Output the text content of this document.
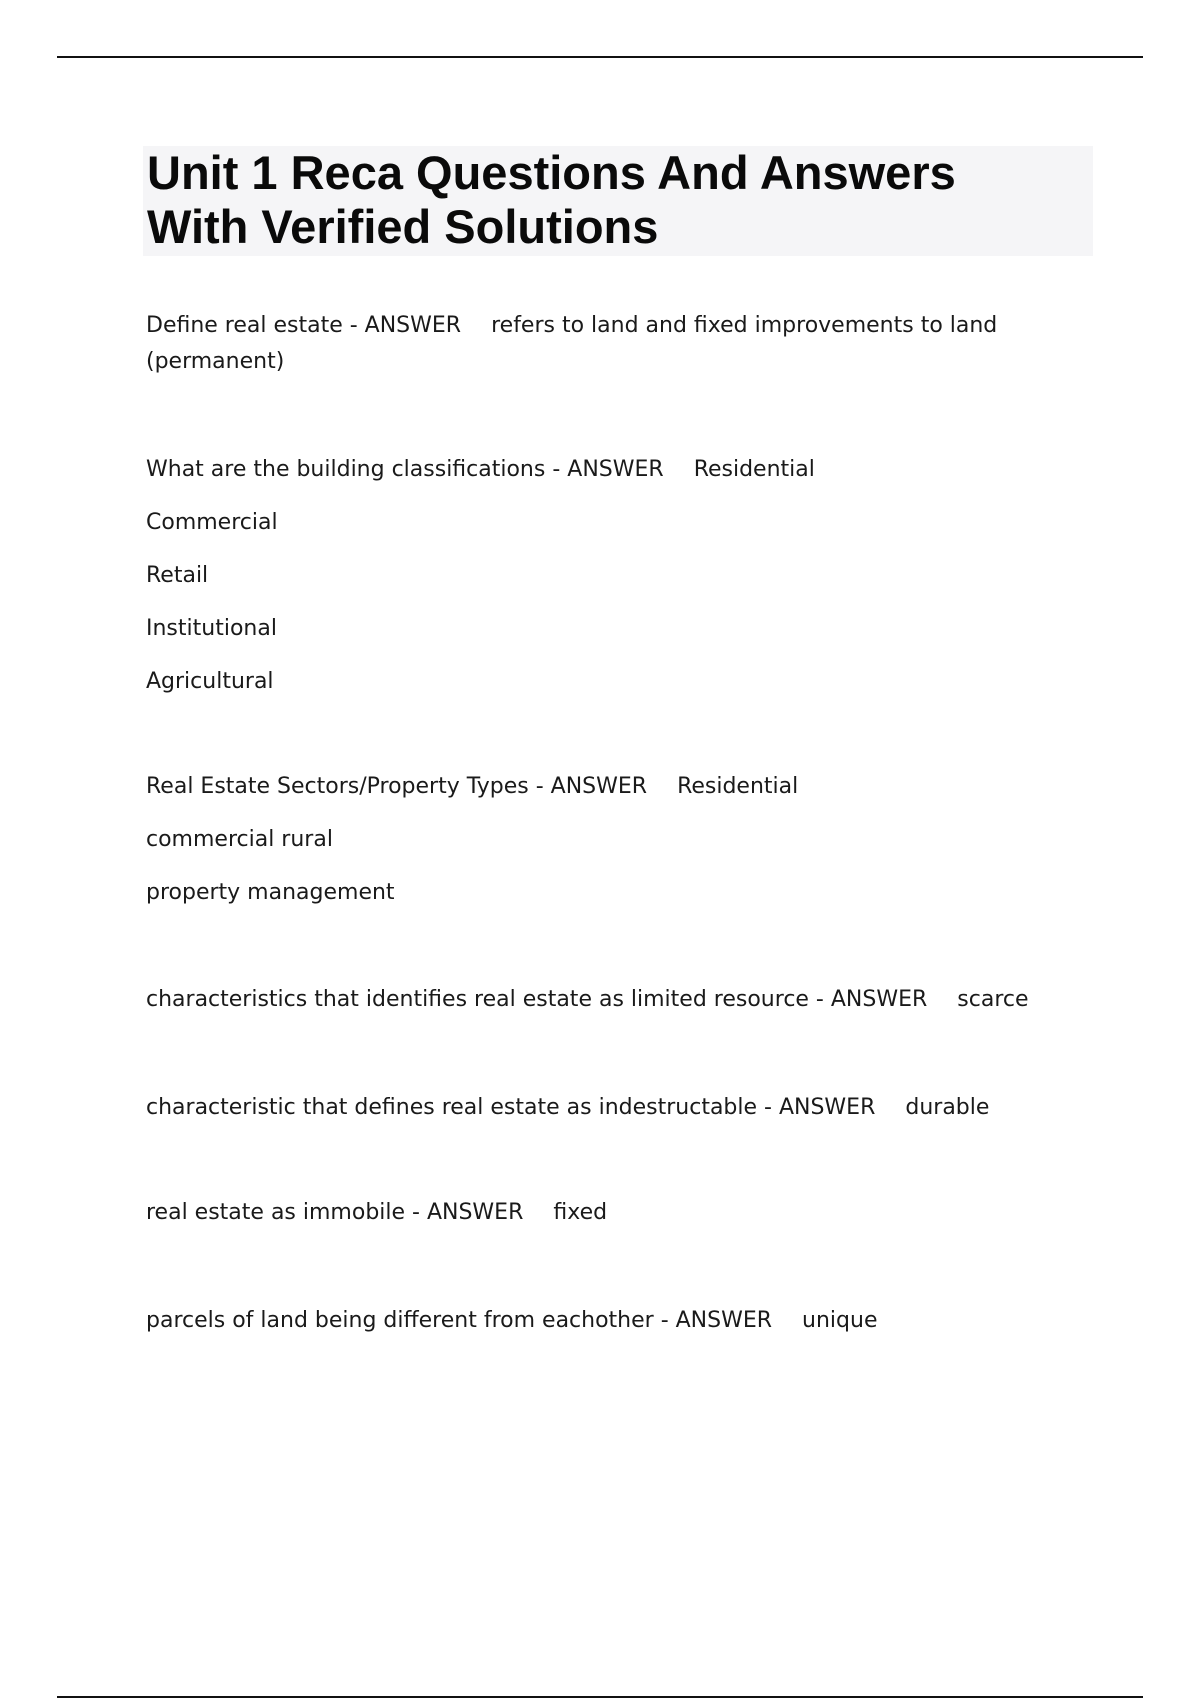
Unit 1 Reca Questions And Answers
With Verified Solutions
Define real estate - ANSWER refers to land and fixed improvements to land
(permanent)
What are the building classifications - ANSWER Residential
Commercial
Retail
Institutional
Agricultural
Real Estate Sectors/Property Types - ANSWER Residential
commercial rural
property management
characteristics that identifies real estate as limited resource - ANSWER scarce
characteristic that defines real estate as indestructable - ANSWER durable
real estate as immobile - ANSWER fixed
parcels of land being different from eachother - ANSWER unique
